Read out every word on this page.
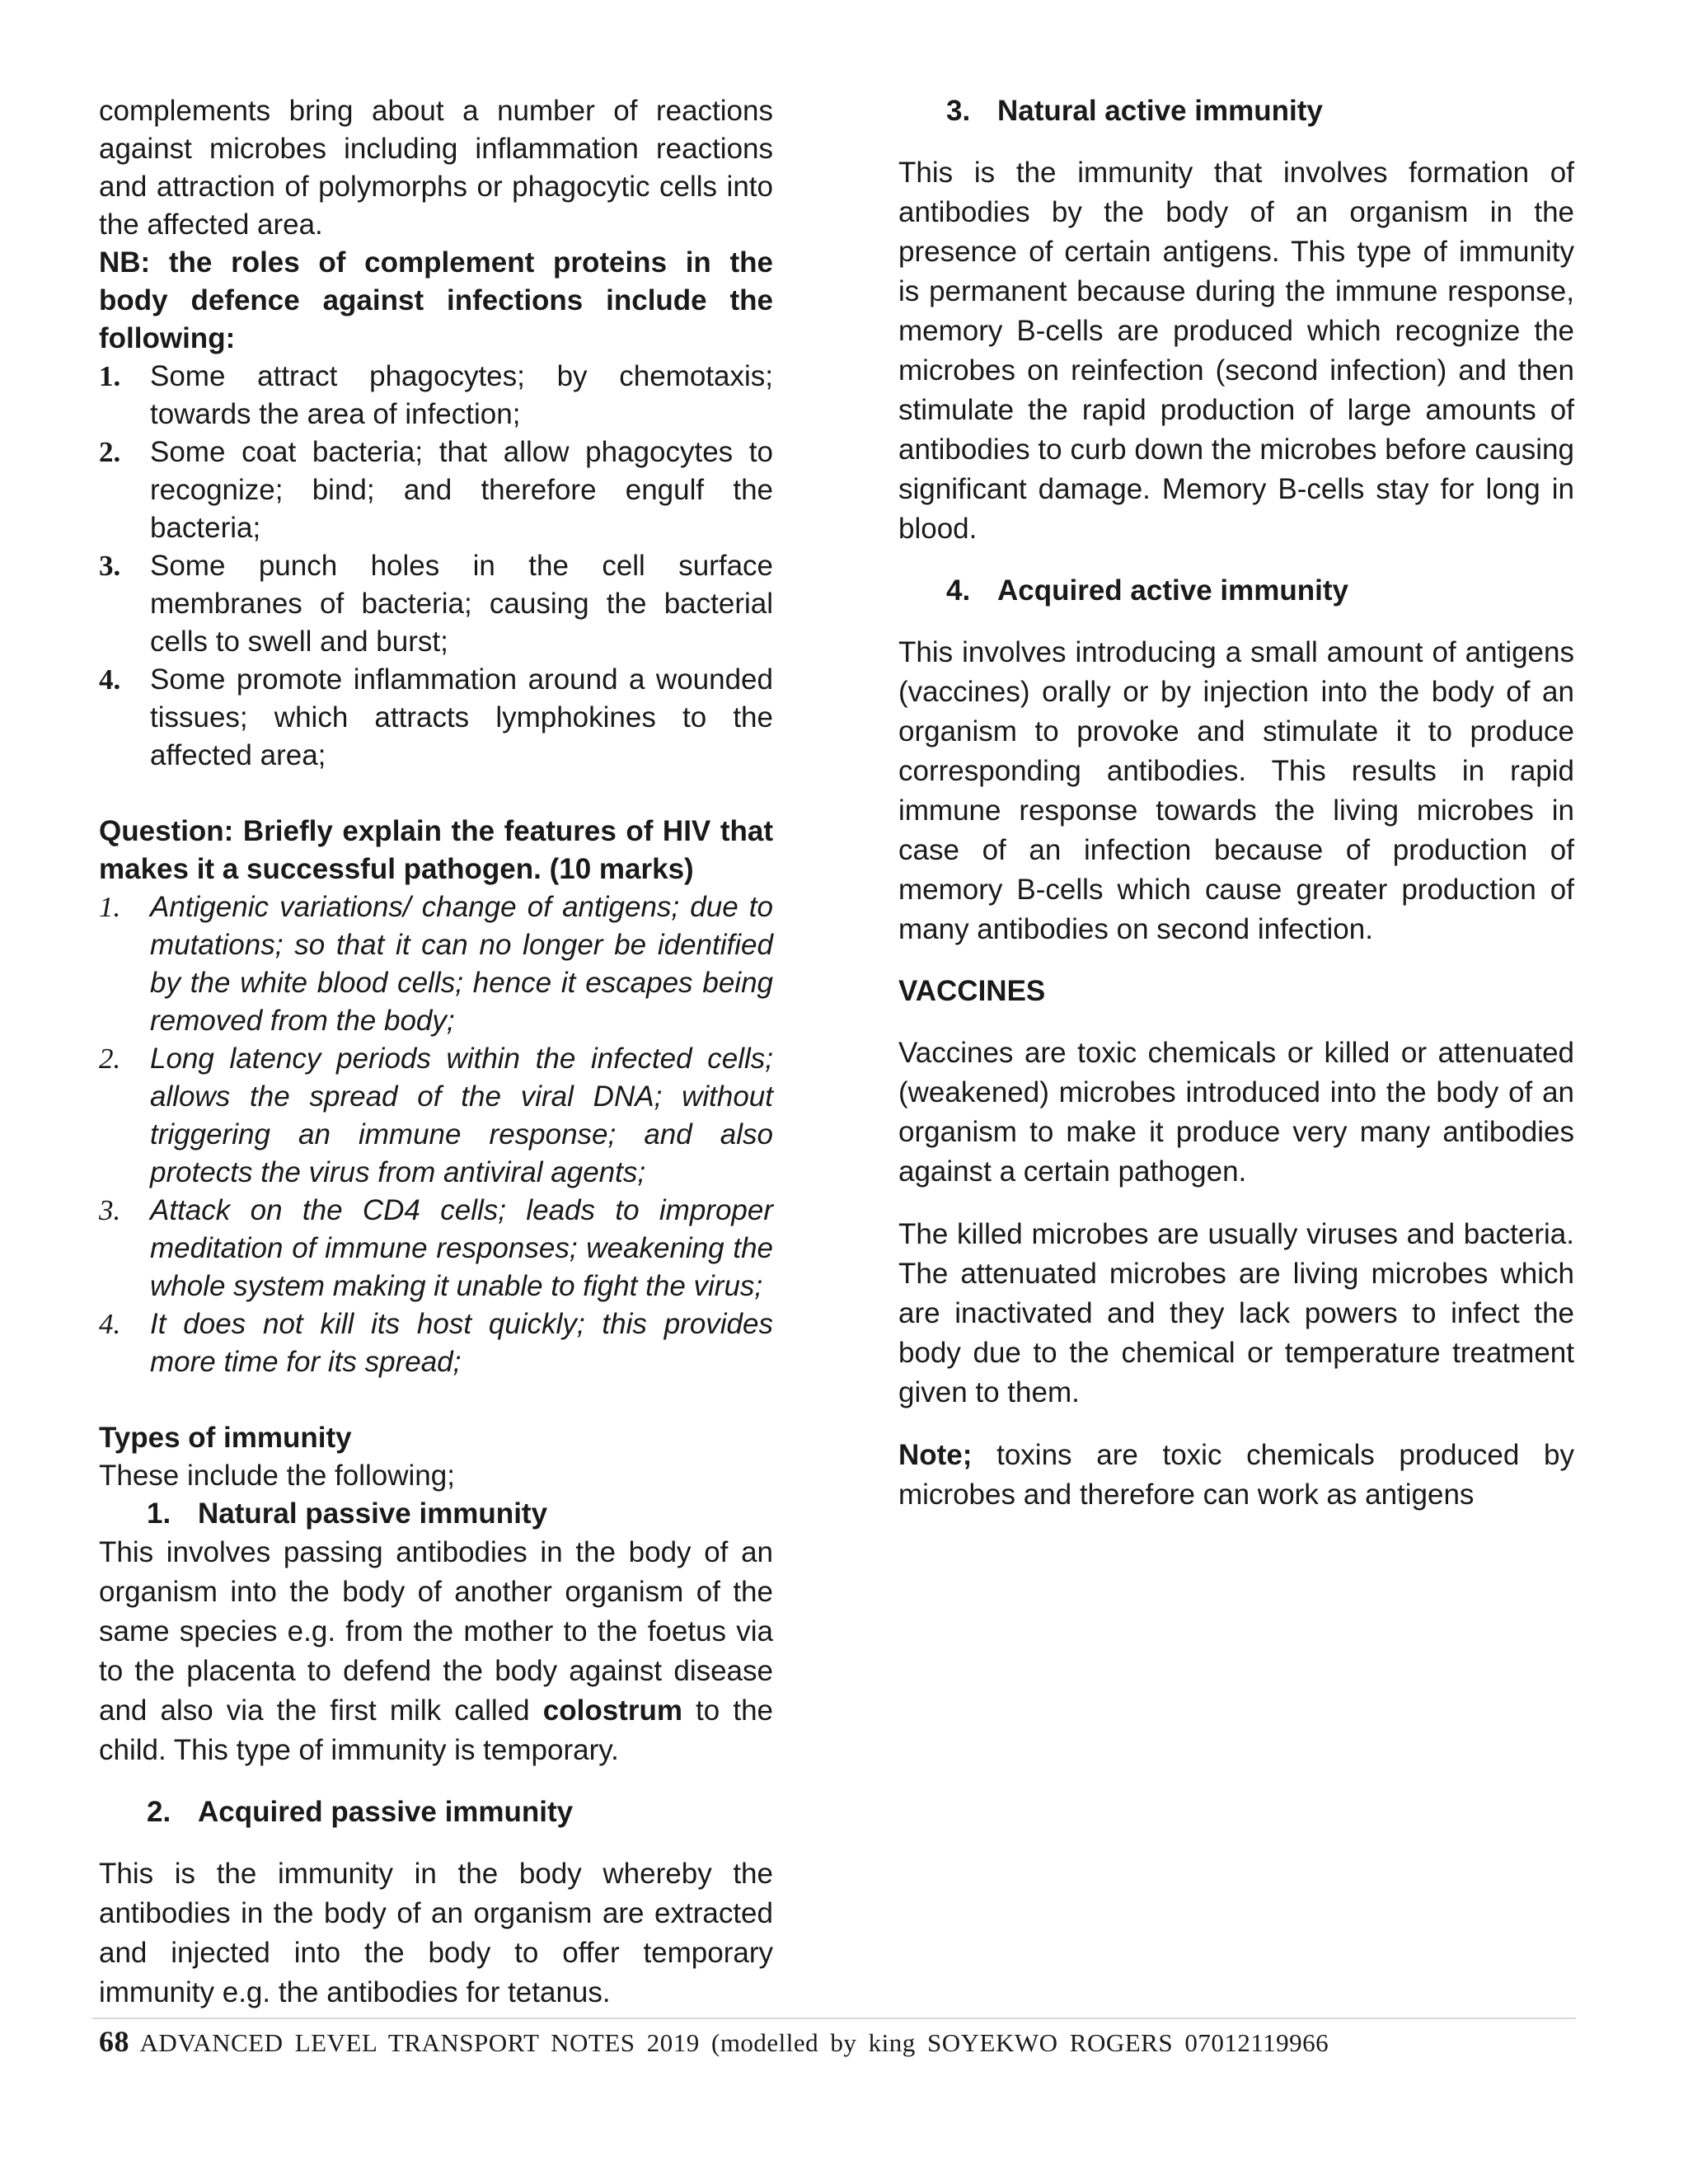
complements bring about a number of reactions against microbes including inflammation reactions and attraction of polymorphs or phagocytic cells into the affected area.

NB: the roles of complement proteins in the body defence against infections include the following:

1. Some attract phagocytes; by chemotaxis; towards the area of infection;
2. Some coat bacteria; that allow phagocytes to recognize; bind; and therefore engulf the bacteria;
3. Some punch holes in the cell surface membranes of bacteria; causing the bacterial cells to swell and burst;
4. Some promote inflammation around a wounded tissues; which attracts lymphokines to the affected area;

Question: Briefly explain the features of HIV that makes it a successful pathogen. (10 marks)

1. Antigenic variations/ change of antigens; due to mutations; so that it can no longer be identified by the white blood cells; hence it escapes being removed from the body;
2. Long latency periods within the infected cells; allows the spread of the viral DNA; without triggering an immune response; and also protects the virus from antiviral agents;
3. Attack on the CD4 cells; leads to improper meditation of immune responses; weakening the whole system making it unable to fight the virus;
4. It does not kill its host quickly; this provides more time for its spread;

Types of immunity

These include the following;

1. Natural passive immunity

This involves passing antibodies in the body of an organism into the body of another organism of the same species e.g. from the mother to the foetus via to the placenta to defend the body against disease and also via the first milk called colostrum to the child. This type of immunity is temporary.

2. Acquired passive immunity

This is the immunity in the body whereby the antibodies in the body of an organism are extracted and injected into the body to offer temporary immunity e.g. the antibodies for tetanus.

3. Natural active immunity

This is the immunity that involves formation of antibodies by the body of an organism in the presence of certain antigens. This type of immunity is permanent because during the immune response, memory B-cells are produced which recognize the microbes on reinfection (second infection) and then stimulate the rapid production of large amounts of antibodies to curb down the microbes before causing significant damage. Memory B-cells stay for long in blood.

4. Acquired active immunity

This involves introducing a small amount of antigens (vaccines) orally or by injection into the body of an organism to provoke and stimulate it to produce corresponding antibodies. This results in rapid immune response towards the living microbes in case of an infection because of production of memory B-cells which cause greater production of many antibodies on second infection.

VACCINES

Vaccines are toxic chemicals or killed or attenuated (weakened) microbes introduced into the body of an organism to make it produce very many antibodies against a certain pathogen.

The killed microbes are usually viruses and bacteria. The attenuated microbes are living microbes which are inactivated and they lack powers to infect the body due to the chemical or temperature treatment given to them.

Note; toxins are toxic chemicals produced by microbes and therefore can work as antigens

68 ADVANCED LEVEL TRANSPORT NOTES 2019 (modelled by king SOYEKWO ROGERS 07012119966
